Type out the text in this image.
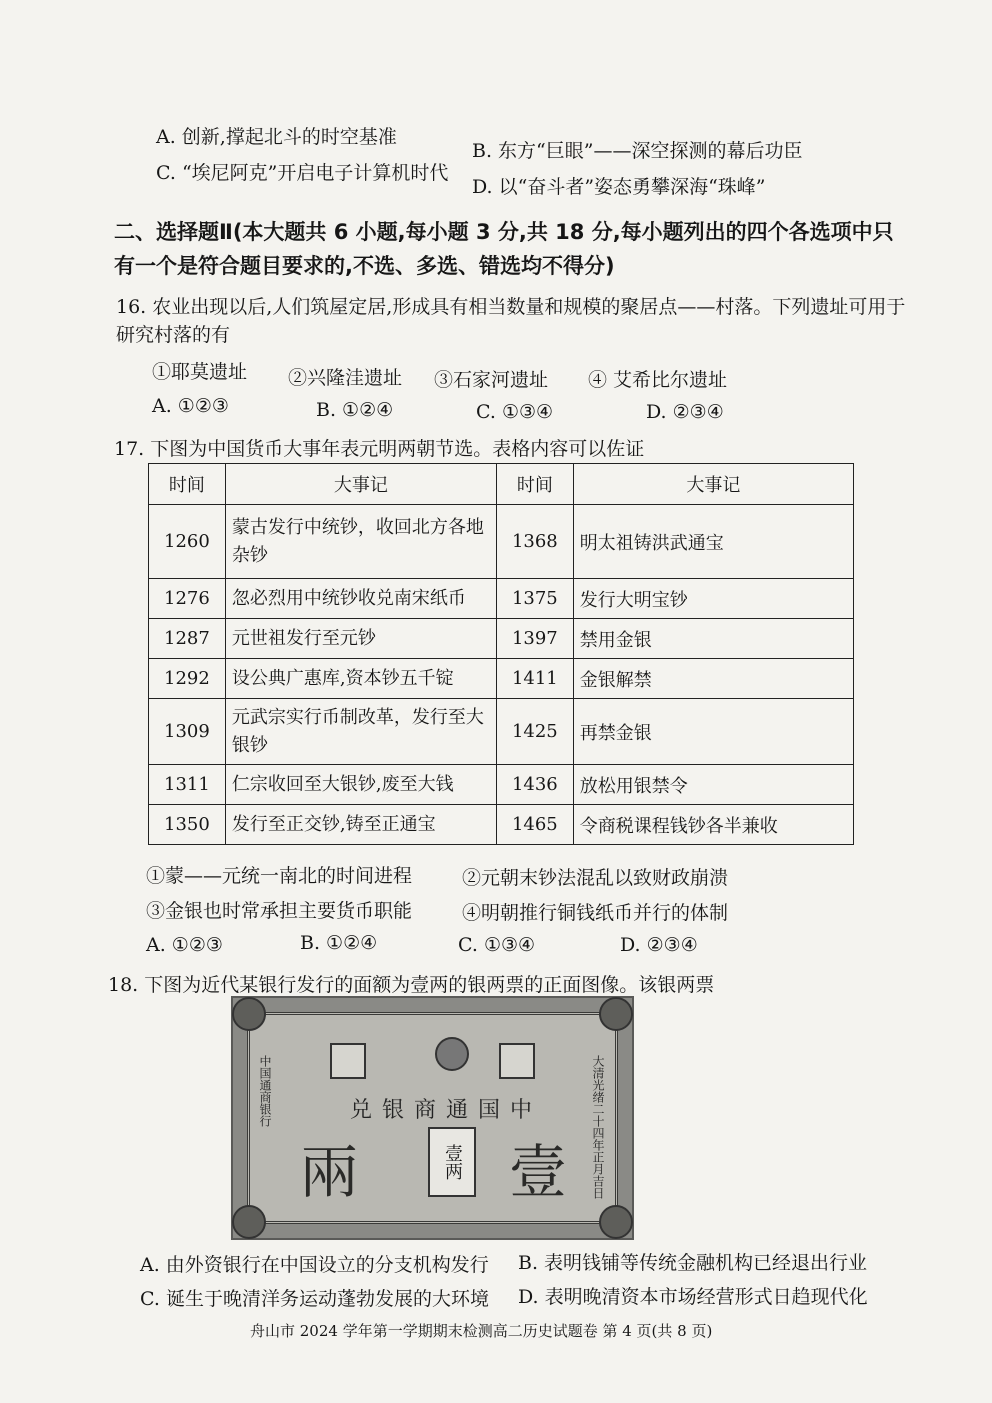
A. 创新,撑起北斗的时空基准
B. 东方“巨眼”——深空探测的幕后功臣
C. “埃尼阿克”开启电子计算机时代
D. 以“奋斗者”姿态勇攀深海“珠峰”
二、选择题Ⅱ(本大题共 6 小题,每小题 3 分,共 18 分,每小题列出的四个各选项中只
有一个是符合题目要求的,不选、多选、错选均不得分)
16. 农业出现以后,人们筑屋定居,形成具有相当数量和规模的聚居点——村落。下列遗址可用于
研究村落的有
①耶莫遗址 ②兴隆洼遗址 ③石家河遗址 ④ 艾希比尔遗址
A. ①②③	B. ①②④	C. ①③④	D. ②③④
17. 下图为中国货币大事年表元明两朝节选。表格内容可以佐证
时间	大事记	时间	大事记
1260	蒙古发行中统钞，收回北方各地杂钞	1368	明太祖铸洪武通宝
1276	忽必烈用中统钞收兑南宋纸币	1375	发行大明宝钞
1287	元世祖发行至元钞	1397	禁用金银
1292	设公典广惠库,资本钞五千锭	1411	金银解禁
1309	元武宗实行币制改革，发行至大银钞	1425	再禁金银
1311	仁宗收回至大银钞,废至大钱	1436	放松用银禁令
1350	发行至正交钞,铸至正通宝	1465	令商税课程钱钞各半兼收
①蒙——元统一南北的时间进程	②元朝末钞法混乱以致财政崩溃
③金银也时常承担主要货币职能	④明朝推行铜钱纸币并行的体制
A. ①②③	B. ①②④	C. ①③④	D. ②③④
18. 下图为近代某银行发行的面额为壹两的银两票的正面图像。该银两票
中国通商银行	大清光绪二十四年正月吉日
兑银商通国中
兩	壹
壹两
A. 由外资银行在中国设立的分支机构发行 B. 表明钱铺等传统金融机构已经退出行业
C. 诞生于晚清洋务运动蓬勃发展的大环境 D. 表明晚清资本市场经营形式日趋现代化
舟山市 2024 学年第一学期期末检测高二历史试题卷 第 4 页(共 8 页)
